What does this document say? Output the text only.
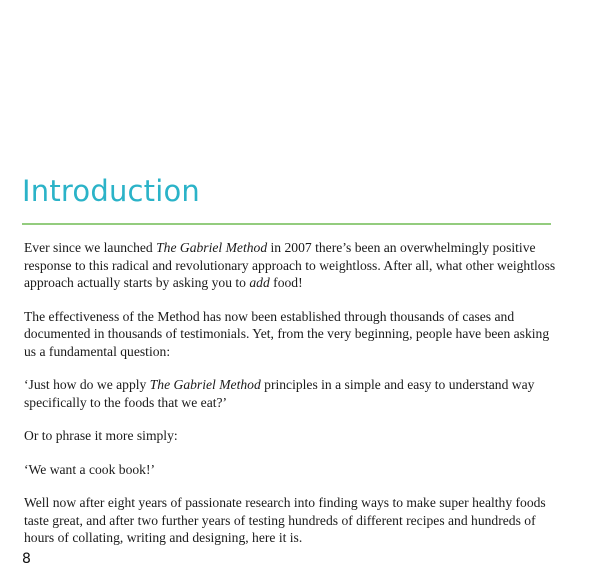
Introduction

Ever since we launched The Gabriel Method in 2007 there’s been an overwhelmingly positive response to this radical and revolutionary approach to weightloss. After all, what other weightloss approach actually starts by asking you to add food!

The effectiveness of the Method has now been established through thousands of cases and documented in thousands of testimonials. Yet, from the very beginning, people have been asking us a fundamental question:

‘Just how do we apply The Gabriel Method principles in a simple and easy to understand way specifically to the foods that we eat?’

Or to phrase it more simply:

‘We want a cook book!’

Well now after eight years of passionate research into finding ways to make super healthy foods taste great, and after two further years of testing hundreds of different recipes and hundreds of hours of collating, writing and designing, here it is.

8
